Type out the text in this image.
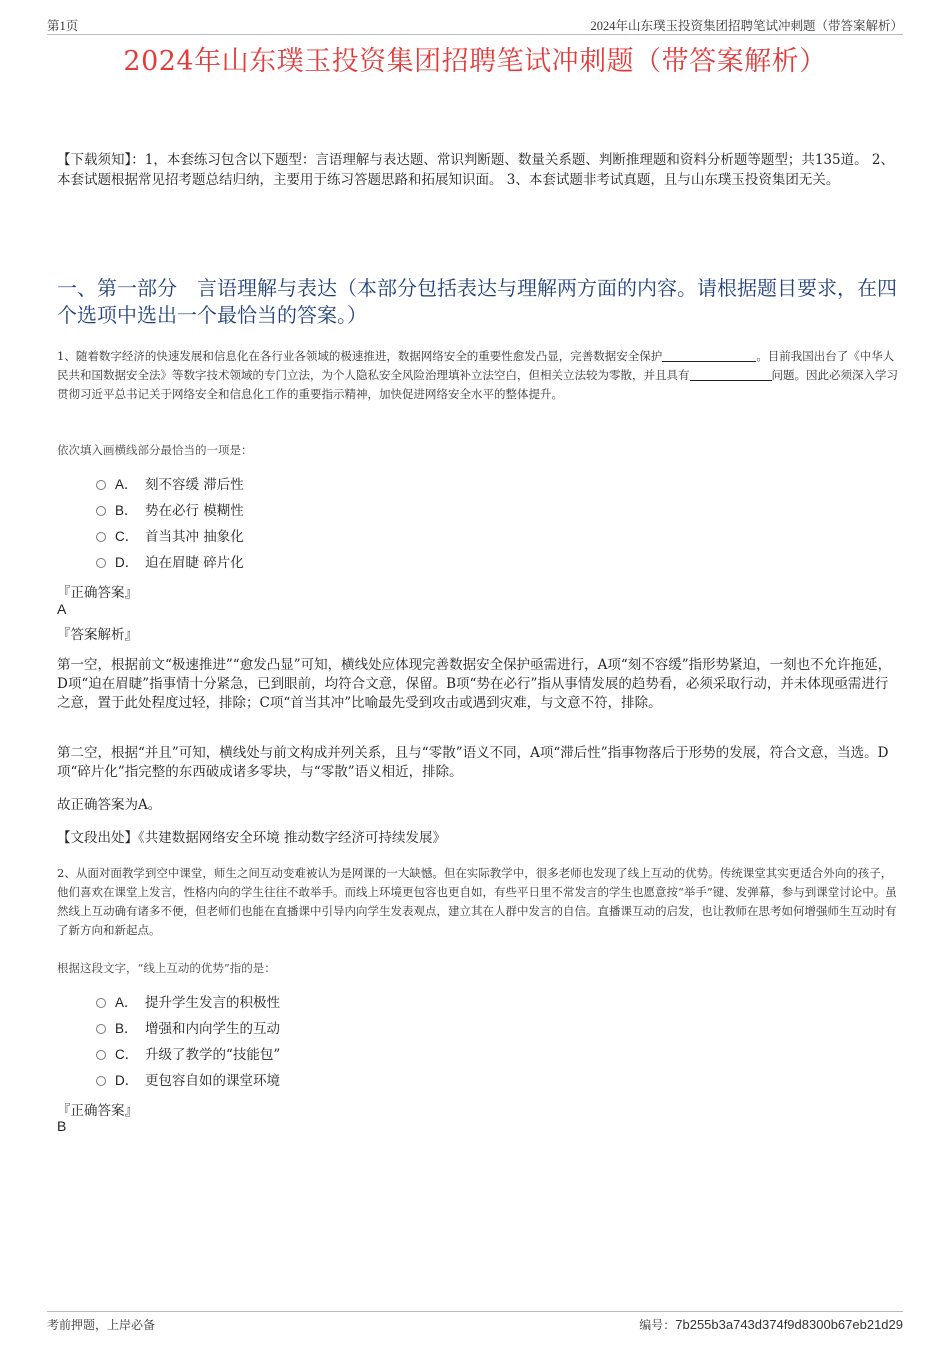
第1页	2024年山东璞玉投资集团招聘笔试冲刺题（带答案解析）
2024年山东璞玉投资集团招聘笔试冲刺题（带答案解析）
【下载须知】：1，本套练习包含以下题型：言语理解与表达题、常识判断题、数量关系题、判断推理题和资料分析题等题型；共135道。 2、本套试题根据常见招考题总结归纳，主要用于练习答题思路和拓展知识面。 3、本套试题非考试真题，且与山东璞玉投资集团无关。
一、第一部分　言语理解与表达（本部分包括表达与理解两方面的内容。请根据题目要求，在四个选项中选出一个最恰当的答案。）
1、随着数字经济的快速发展和信息化在各行业各领域的极速推进，数据网络安全的重要性愈发凸显，完善数据安全保护	。目前我国出台了《中华人民共和国数据安全法》等数字技术领域的专门立法，为个人隐私安全风险治理填补立法空白，但相关立法较为零散，并且具有	问题。因此必须深入学习贯彻习近平总书记关于网络安全和信息化工作的重要指示精神，加快促进网络安全水平的整体提升。
依次填入画横线部分最恰当的一项是：
A． 刻不容缓 滞后性
B． 势在必行 模糊性
C． 首当其冲 抽象化
D． 迫在眉睫 碎片化
『正确答案』
A
『答案解析』
第一空，根据前文“极速推进”“愈发凸显”可知，横线处应体现完善数据安全保护亟需进行，A项“刻不容缓”指形势紧迫，一刻也不允许拖延，D项“迫在眉睫”指事情十分紧急，已到眼前，均符合文意，保留。B项“势在必行”指从事情发展的趋势看，必须采取行动，并未体现亟需进行之意，置于此处程度过轻，排除；C项“首当其冲”比喻最先受到攻击或遇到灾难，与文意不符，排除。
第二空，根据“并且”可知，横线处与前文构成并列关系，且与“零散”语义不同，A项“滞后性”指事物落后于形势的发展，符合文意，当选。D项“碎片化”指完整的东西破成诸多零块，与“零散”语义相近，排除。
故正确答案为A。
【文段出处】《共建数据网络安全环境 推动数字经济可持续发展》
2、从面对面教学到空中课堂，师生之间互动变难被认为是网课的一大缺憾。但在实际教学中，很多老师也发现了线上互动的优势。传统课堂其实更适合外向的孩子，他们喜欢在课堂上发言，性格内向的学生往往不敢举手。而线上环境更包容也更自如，有些平日里不常发言的学生也愿意按“举手”键、发弹幕，参与到课堂讨论中。虽然线上互动确有诸多不便，但老师们也能在直播课中引导内向学生发表观点，建立其在人群中发言的自信。直播课互动的启发，也让教师在思考如何增强师生互动时有了新方向和新起点。
根据这段文字，“线上互动的优势”指的是：
A． 提升学生发言的积极性
B． 增强和内向学生的互动
C． 升级了教学的“技能包”
D． 更包容自如的课堂环境
『正确答案』
B
考前押题，上岸必备	编号：7b255b3a743d374f9d8300b67eb21d29
